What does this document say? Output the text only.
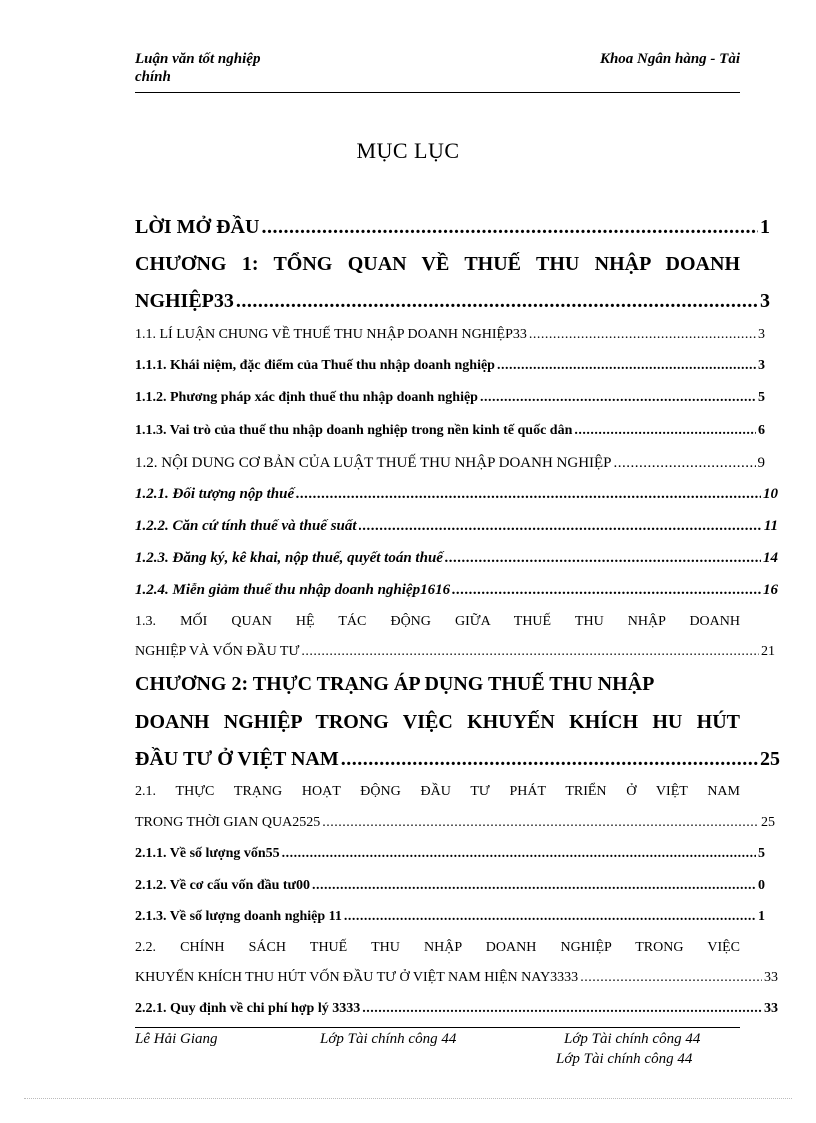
Luận văn tốt nghiệp
chính
Khoa Ngân hàng - Tài
MỤC LỤC
LỜI MỞ ĐẦU .....	1
CHƯƠNG 1: TỔNG QUAN VỀ THUẾ THU NHẬP DOANH
NGHIỆP33 .....	3
1.1. LÍ LUẬN CHUNG VỀ THUẾ THU NHẬP DOANH NGHIỆP33 .....	3
1.1.1. Khái niệm, đặc điểm của Thuế thu nhập doanh nghiệp .....	3
1.1.2. Phương pháp xác định thuế thu nhập doanh nghiệp .....	5
1.1.3. Vai trò của thuế thu nhập doanh nghiệp trong nền kinh tế quốc dân .....	6
1.2. NỘI DUNG CƠ BẢN CỦA LUẬT THUẾ THU NHẬP DOANH NGHIỆP .....	9
1.2.1. Đối tượng nộp thuế .....	10
1.2.2. Căn cứ tính thuế và thuế suất .....	11
1.2.3. Đăng ký, kê khai, nộp thuế, quyết toán thuế .....	14
1.2.4. Miễn giảm thuế thu nhập doanh nghiệp1616 .....	16
1.3. MỐI QUAN HỆ TÁC ĐỘNG GIỮA THUẾ THU NHẬP DOANH
NGHIỆP VÀ VỐN ĐẦU TƯ .....	21
CHƯƠNG 2: THỰC TRẠNG ÁP DỤNG THUẾ THU NHẬP
DOANH NGHIỆP TRONG VIỆC KHUYẾN KHÍCH HU HÚT
ĐẦU TƯ Ở VIỆT NAM .....	25
2.1. THỰC TRẠNG HOẠT ĐỘNG ĐẦU TƯ PHÁT TRIỂN Ở VIỆT NAM
TRONG THỜI GIAN QUA2525 .....	25
2.1.1. Về số lượng vốn55 .....	5
2.1.2. Về cơ cấu vốn đầu tư00 .....	0
2.1.3. Về số lượng doanh nghiệp 11 .....	1
2.2. CHÍNH SÁCH THUẾ THU NHẬP DOANH NGHIỆP TRONG VIỆC
KHUYẾN KHÍCH THU HÚT VỐN ĐẦU TƯ Ở VIỆT NAM HIỆN NAY3333 .....	33
2.2.1. Quy định về chi phí hợp lý 3333 .....	33
Lê Hải Giang	Lớp Tài chính công 44	Lớp Tài chính công 44
Lớp Tài chính công 44
